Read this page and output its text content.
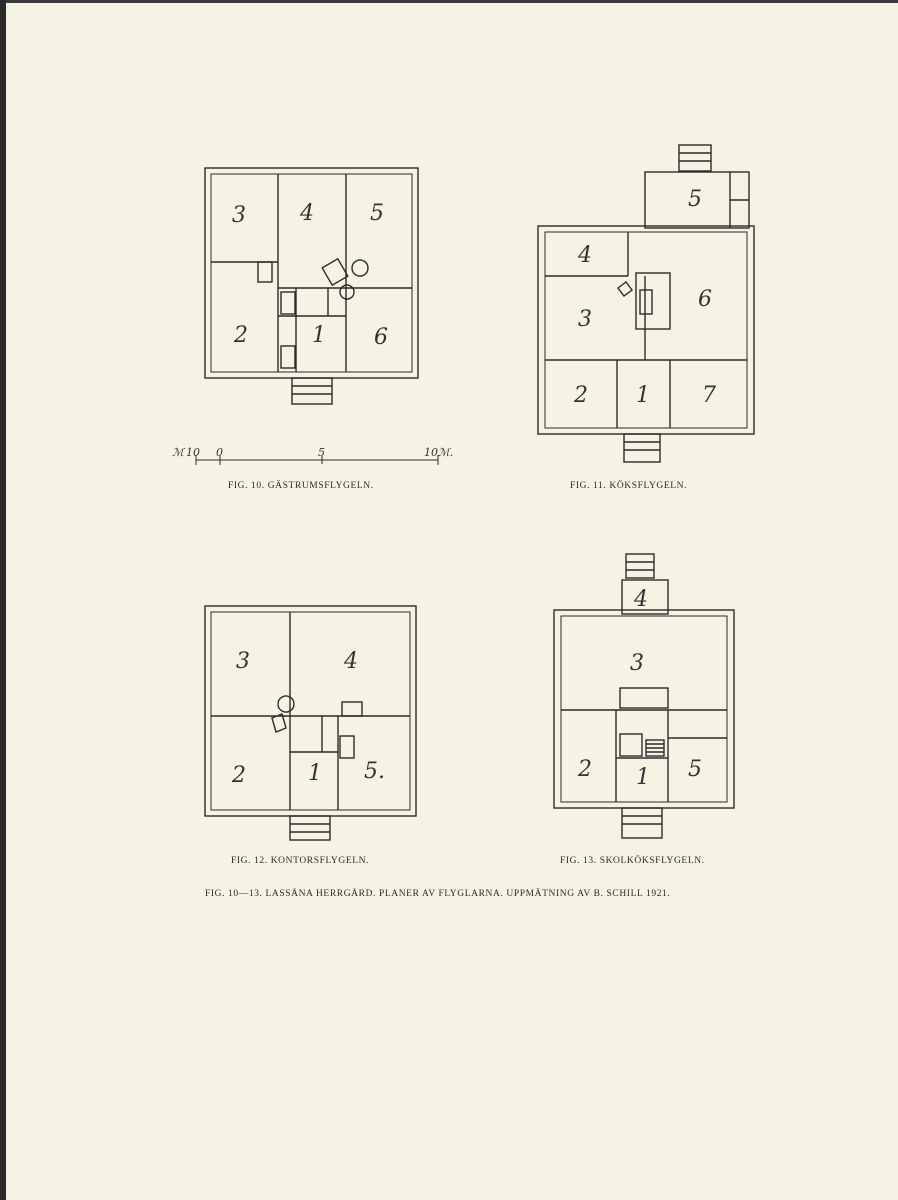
3 4	5
2	1 6
5
4
6
3
2 1 7
3	4
2	1 5.
4
3
2 1 5
ℳ 10 0	5	10ℳ.
FIG. 10. GÄSTRUMSFLYGELN.	FIG. 11. KÖKSFLYGELN.
FIG. 12. KONTORSFLYGELN.	FIG. 13. SKOLKÖKSFLYGELN.
FIG. 10—13. LASSÅNA HERRGÅRD. PLANER AV FLYGLARNA. UPPMÄTNING AV B. SCHILL 1921.
